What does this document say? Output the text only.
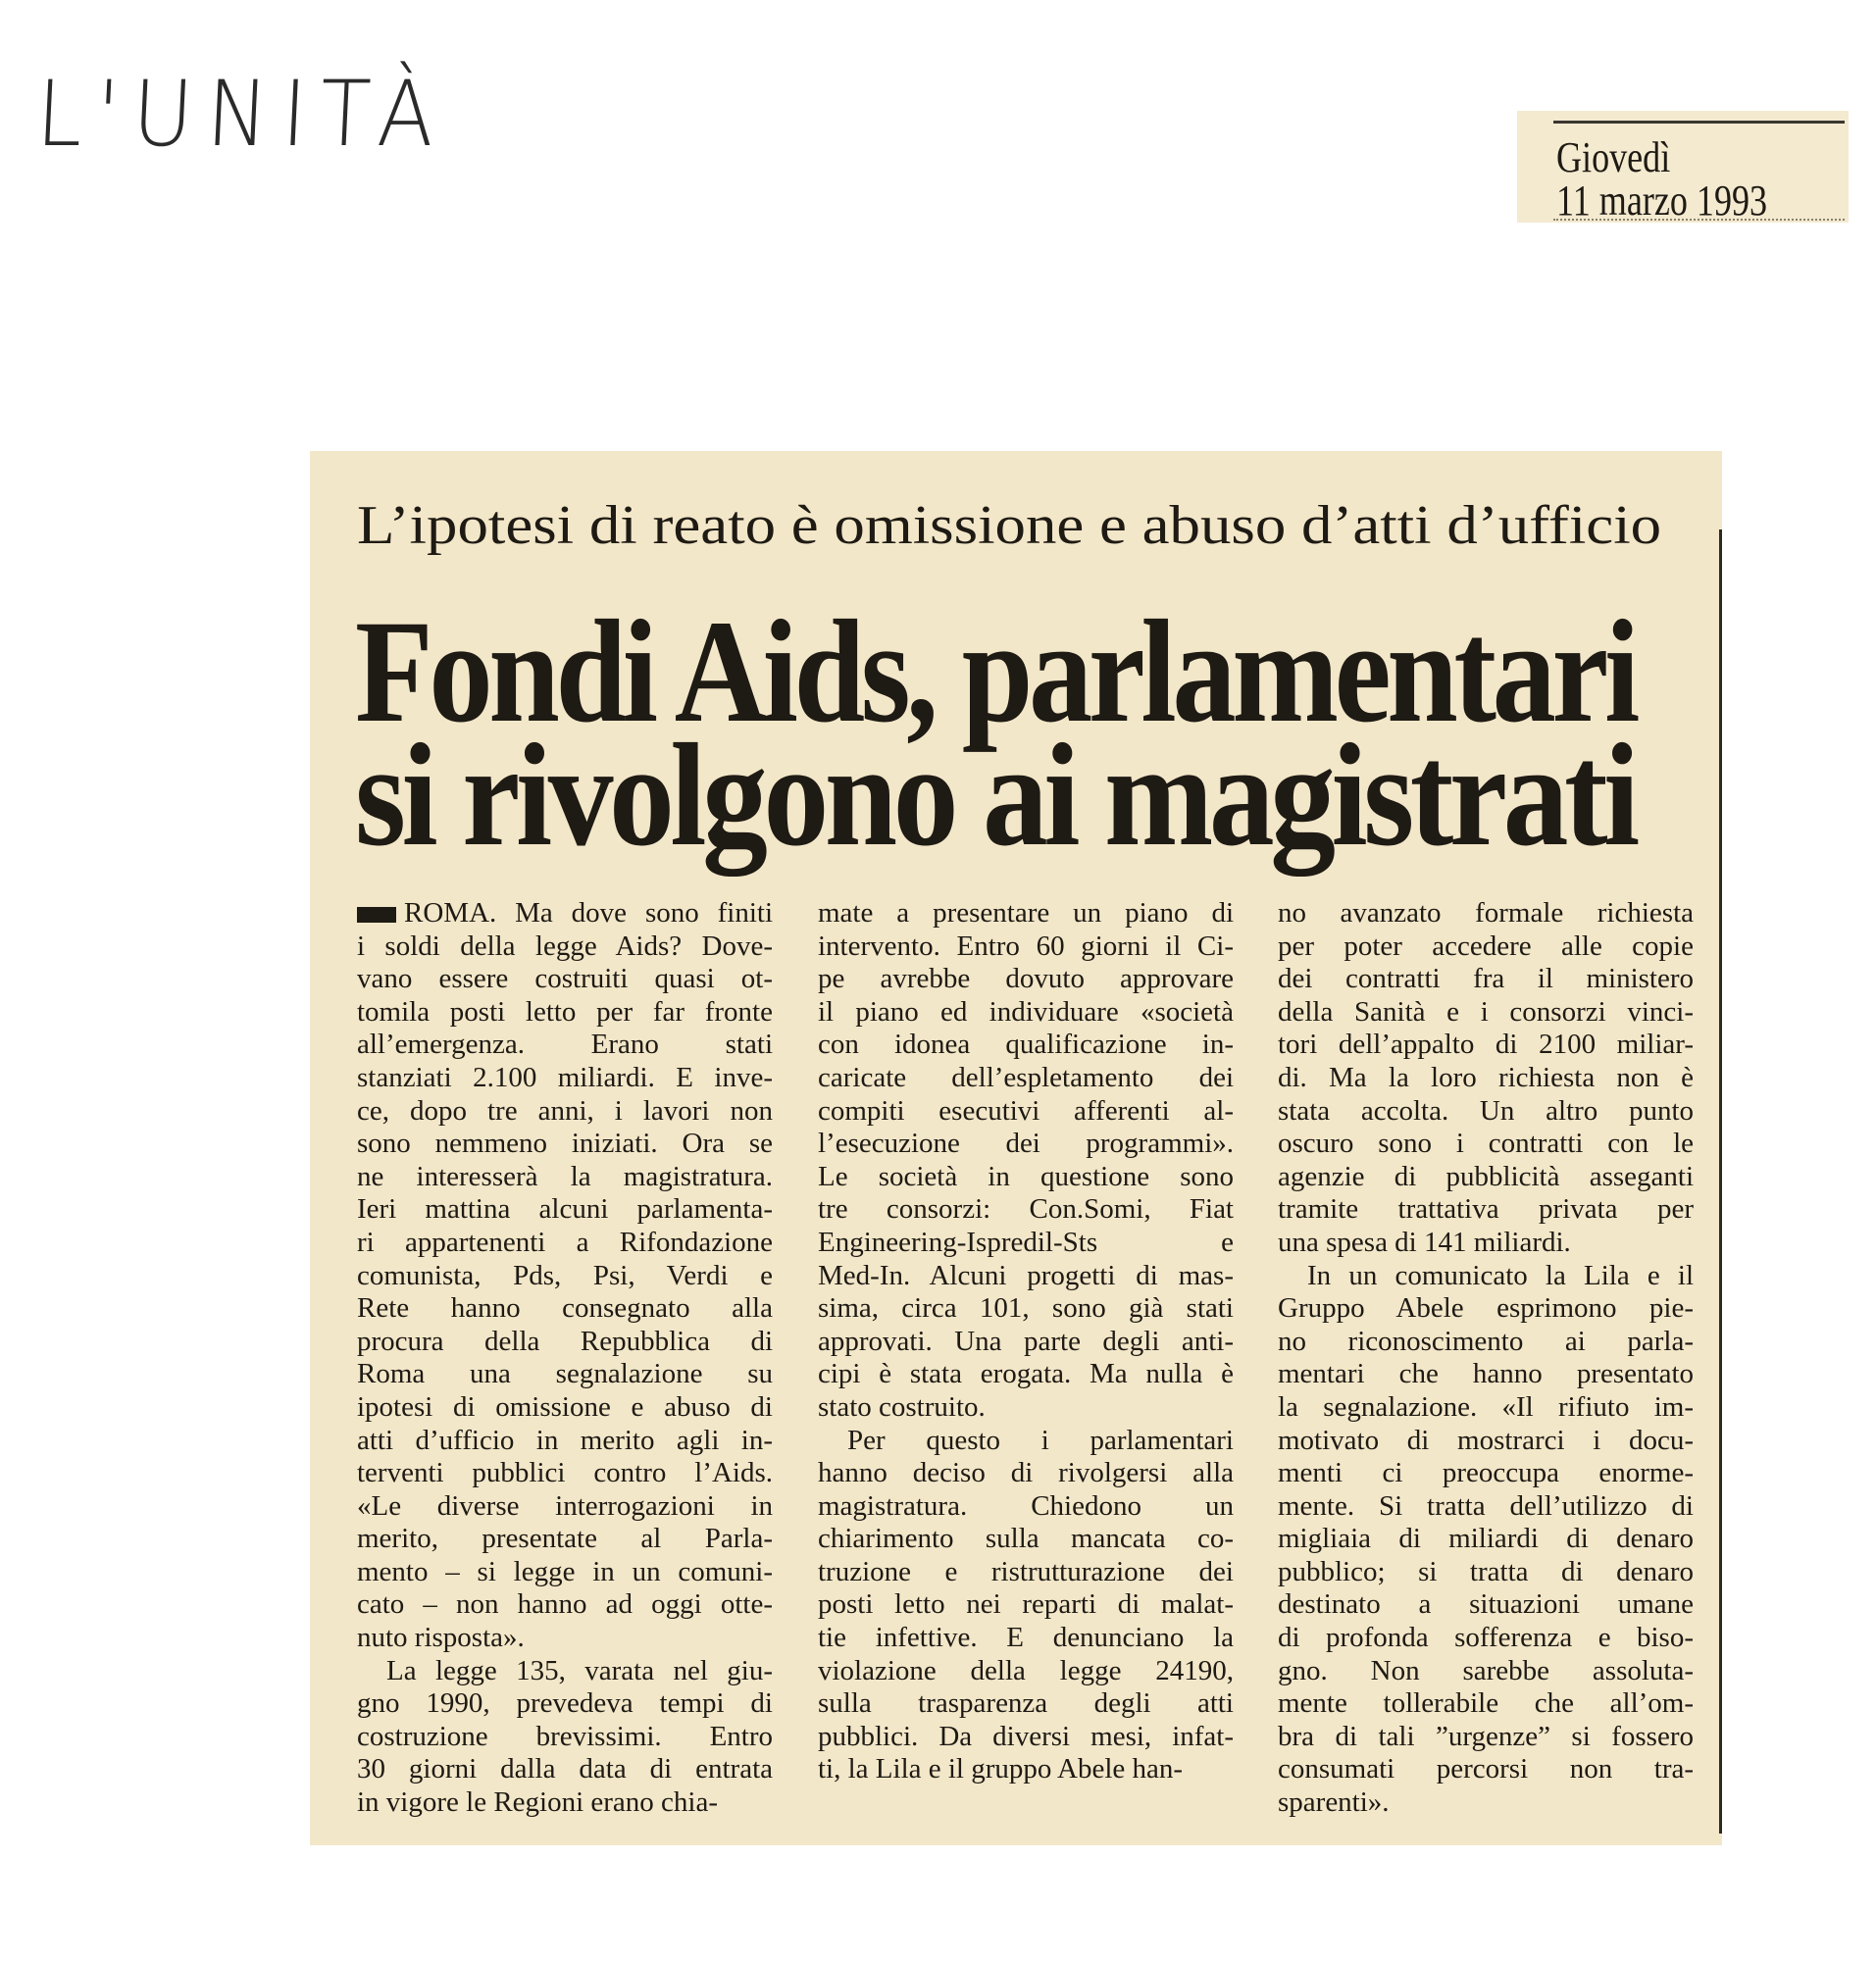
L'UNITÀ	Giovedì
11 marzo 1993
L’ipotesi di reato è omissione e abuso d’atti d’ufficio
Fondi Aids, parlamentari
si rivolgono ai magistrati
ROMA. Ma dove sono finiti
i soldi della legge Aids? Dove-
vano essere costruiti quasi ot-
tomila posti letto per far fronte
all’emergenza. Erano stati
stanziati 2.100 miliardi. E inve-
ce, dopo tre anni, i lavori non
sono nemmeno iniziati. Ora se
ne interesserà la magistratura.
Ieri mattina alcuni parlamenta-
ri appartenenti a Rifondazione
comunista, Pds, Psi, Verdi e
Rete hanno consegnato alla
procura della Repubblica di
Roma una segnalazione su
ipotesi di omissione e abuso di
atti d’ufficio in merito agli in-
terventi pubblici contro l’Aids.
«Le diverse interrogazioni in
merito, presentate al Parla-
mento – si legge in un comuni-
cato – non hanno ad oggi otte-
nuto risposta».
La legge 135, varata nel giu-
gno 1990, prevedeva tempi di
costruzione brevissimi. Entro
30 giorni dalla data di entrata
in vigore le Regioni erano chia-
mate a presentare un piano di
intervento. Entro 60 giorni il Ci-
pe avrebbe dovuto approvare
il piano ed individuare «società
con idonea qualificazione in-
caricate dell’espletamento dei
compiti esecutivi afferenti al-
l’esecuzione dei programmi».
Le società in questione sono
tre consorzi: Con.Somi, Fiat
Engineering-Ispredil-Sts e
Med-In. Alcuni progetti di mas-
sima, circa 101, sono già stati
approvati. Una parte degli anti-
cipi è stata erogata. Ma nulla è
stato costruito.
Per questo i parlamentari
hanno deciso di rivolgersi alla
magistratura. Chiedono un
chiarimento sulla mancata co-
truzione e ristrutturazione dei
posti letto nei reparti di malat-
tie infettive. E denunciano la
violazione della legge 24190,
sulla trasparenza degli atti
pubblici. Da diversi mesi, infat-
ti, la Lila e il gruppo Abele han-
no avanzato formale richiesta
per poter accedere alle copie
dei contratti fra il ministero
della Sanità e i consorzi vinci-
tori dell’appalto di 2100 miliar-
di. Ma la loro richiesta non è
stata accolta. Un altro punto
oscuro sono i contratti con le
agenzie di pubblicità asseganti
tramite trattativa privata per
una spesa di 141 miliardi.
In un comunicato la Lila e il
Gruppo Abele esprimono pie-
no riconoscimento ai parla-
mentari che hanno presentato
la segnalazione. «Il rifiuto im-
motivato di mostrarci i docu-
menti ci preoccupa enorme-
mente. Si tratta dell’utilizzo di
migliaia di miliardi di denaro
pubblico; si tratta di denaro
destinato a situazioni umane
di profonda sofferenza e biso-
gno. Non sarebbe assoluta-
mente tollerabile che all’om-
bra di tali ”urgenze” si fossero
consumati percorsi non tra-
sparenti».
